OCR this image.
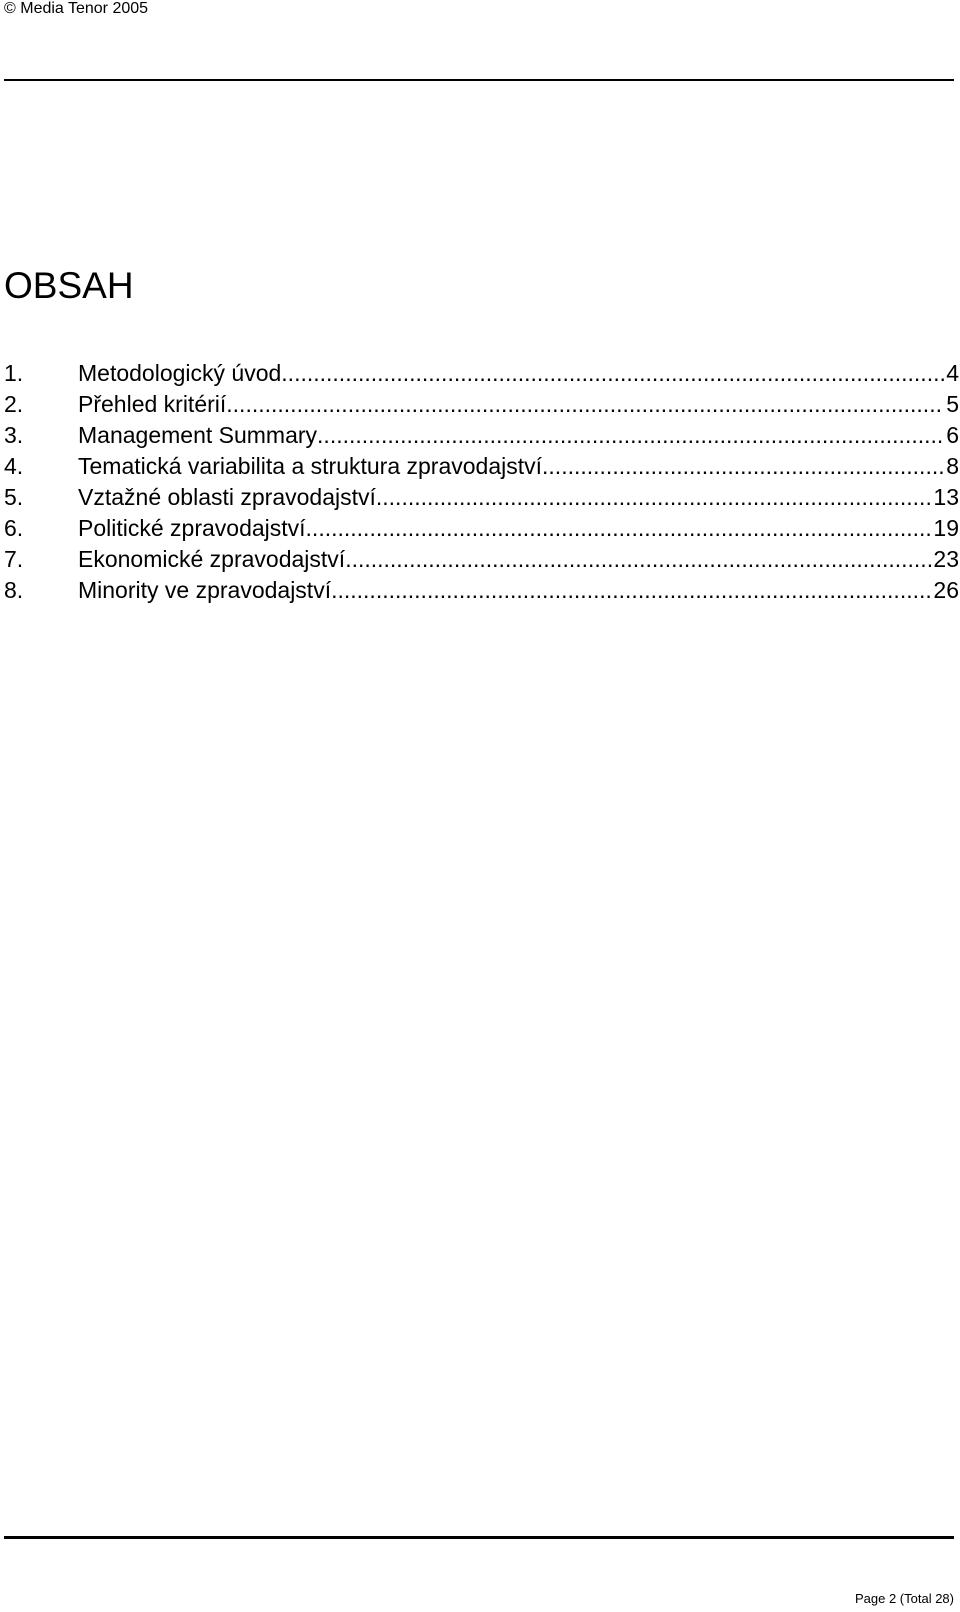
© Media Tenor 2005
OBSAH
1.	Metodologický úvod .....	4
2.	Přehled kritérií .....	5
3.	Management Summary .....	6
4.	Tematická variabilita a struktura zpravodajství .....	8
5.	Vztažné oblasti zpravodajství .....	13
6.	Politické zpravodajství .....	19
7.	Ekonomické zpravodajství .....	23
8.	Minority ve zpravodajství .....	26
Page 2 (Total 28)
